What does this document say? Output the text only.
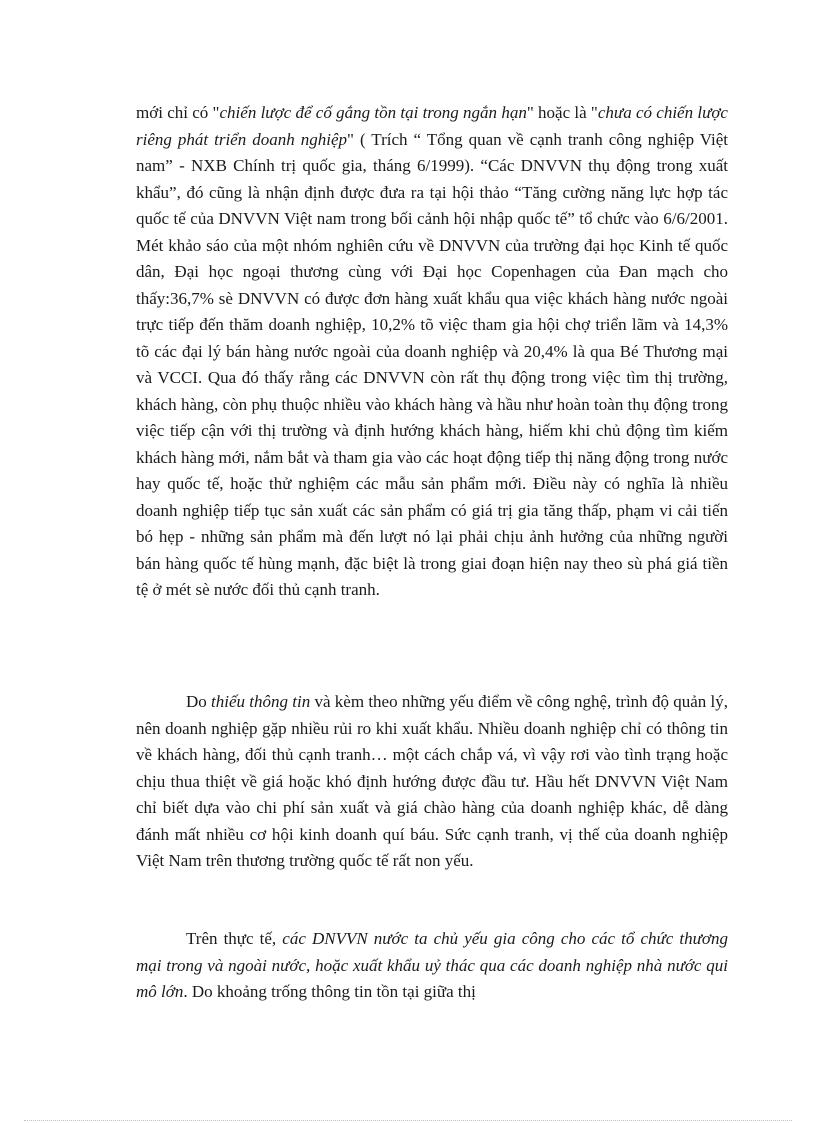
mới chỉ có "chiến lược để cố gắng tồn tại trong ngắn hạn" hoặc là "chưa có chiến lược riêng phát triển doanh nghiệp" ( Trích “ Tổng quan về cạnh tranh công nghiệp Việt nam” - NXB Chính trị quốc gia, tháng 6/1999). “Các DNVVN thụ động trong xuất khẩu”, đó cũng là nhận định được đưa ra tại hội thảo “Tăng cường năng lực hợp tác quốc tế của DNVVN Việt nam trong bối cảnh hội nhập quốc tế” tổ chức vào 6/6/2001. Mét khảo sáo của một nhóm nghiên cứu về DNVVN của trường đại học Kinh tế quốc dân, Đại học ngoại thương cùng với Đại học Copenhagen của Đan mạch cho thấy:36,7% sè DNVVN có được đơn hàng xuất khẩu qua việc khách hàng nước ngoài trực tiếp đến thăm doanh nghiệp, 10,2% tõ việc tham gia hội chợ triển lãm và 14,3% tõ các đại lý bán hàng nước ngoài của doanh nghiệp và 20,4% là qua Bé Thương mại và VCCI. Qua đó thấy rằng các DNVVN còn rất thụ động trong việc tìm thị trường, khách hàng, còn phụ thuộc nhiều vào khách hàng và hầu như hoàn toàn thụ động trong việc tiếp cận với thị trường và định hướng khách hàng, hiếm khi chủ động tìm kiếm khách hàng mới, nắm bắt và tham gia vào các hoạt động tiếp thị năng động trong nước hay quốc tế, hoặc thử nghiệm các mẫu sản phẩm mới. Điều này có nghĩa là nhiều doanh nghiệp tiếp tục sản xuất các sản phẩm có giá trị gia tăng thấp, phạm vi cải tiến bó hẹp - những sản phẩm mà đến lượt nó lại phải chịu ảnh hưởng của những người bán hàng quốc tế hùng mạnh, đặc biệt là trong giai đoạn hiện nay theo sù phá giá tiền tệ ở mét sè nước đối thủ cạnh tranh.

Do thiếu thông tin và kèm theo những yếu điểm về công nghệ, trình độ quản lý, nên doanh nghiệp gặp nhiều rủi ro khi xuất khẩu. Nhiều doanh nghiệp chỉ có thông tin về khách hàng, đối thủ cạnh tranh… một cách chắp vá, vì vậy rơi vào tình trạng hoặc chịu thua thiệt về giá hoặc khó định hướng được đầu tư. Hầu hết DNVVN Việt Nam chỉ biết dựa vào chi phí sản xuất và giá chào hàng của doanh nghiệp khác, dễ dàng đánh mất nhiều cơ hội kinh doanh quí báu. Sức cạnh tranh, vị thế của doanh nghiệp Việt Nam trên thương trường quốc tế rất non yếu.

Trên thực tế, các DNVVN nước ta chủ yếu gia công cho các tổ chức thương mại trong và ngoài nước, hoặc xuất khẩu uỷ thác qua các doanh nghiệp nhà nước qui mô lớn. Do khoảng trống thông tin tồn tại giữa thị
